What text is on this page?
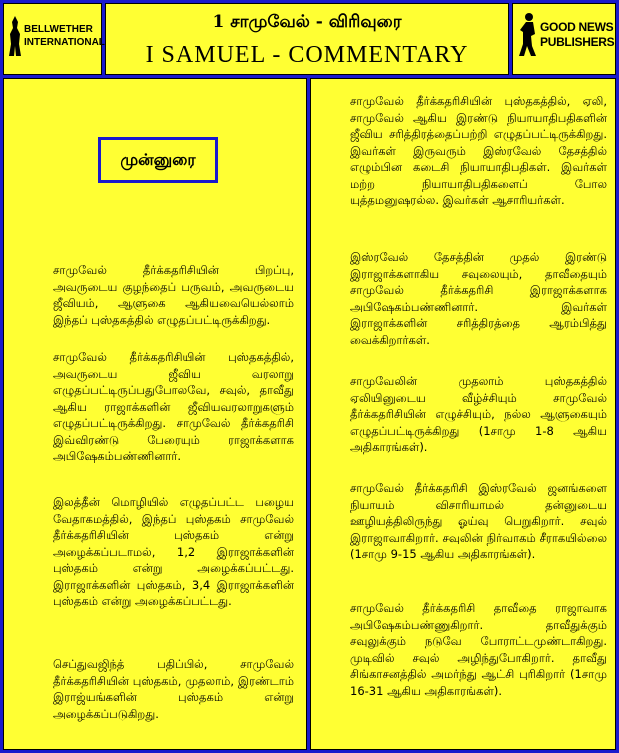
BELLWETHER
INTERNATIONAL
1 சாமுவேல் - விரிவுரை
I SAMUEL - COMMENTARY
GOOD NEWS
PUBLISHERS
முன்னுரை
சாமுவேல் தீர்க்கதரிசியின் பிறப்பு, அவருடைய குழந்தைப் பருவம், அவருடைய ஜீவியம், ஆளுகை ஆகியவையெல்லாம் இந்தப் புஸ்தகத்தில் எழுதப்பட்டிருக்கிறது.
சாமுவேல் தீர்க்கதரிசியின் புஸ்தகத்தில், அவருடைய ஜீவிய வரலாறு எழுதப்பட்டிருப்பதுபோலவே, சவுல், தாவீது ஆகிய ராஜாக்களின் ஜீவியவரலாறுகளும் எழுதப்பட்டிருக்கிறது. சாமுவேல் தீர்க்கதரிசி இவ்விரண்டு பேரையும் ராஜாக்களாக அபிஷேகம்பண்ணினார்.
இலத்தீன் மொழியில் எழுதப்பட்ட பழைய வேதாகமத்தில், இந்தப் புஸ்தகம் சாமுவேல் தீர்க்கதரிசியின் புஸ்தகம் என்று அழைக்கப்படாமல், 1,2 இராஜாக்களின் புஸ்தகம் என்று அழைக்கப்பட்டது. இராஜாக்களின் புஸ்தகம், 3,4 இராஜாக்களின் புஸ்தகம் என்று அழைக்கப்பட்டது.
செப்துவஜிந்த் பதிப்பில், சாமுவேல் தீர்க்கதரிசியின் புஸ்தகம், முதலாம், இரண்டாம் இராஜ்யங்களின் புஸ்தகம் என்று அழைக்கப்படுகிறது.
சாமுவேல் தீர்க்கதரிசியின் புஸ்தகத்தில், ஏலி, சாமுவேல் ஆகிய இரண்டு நியாயாதிபதிகளின் ஜீவிய சரித்திரத்தைப்பற்றி எழுதப்பட்டிருக்கிறது. இவர்கள் இருவரும் இஸ்ரவேல் தேசத்தில் எழும்பின கடைசி நியாயாதிபதிகள். இவர்கள் மற்ற நியாயாதிபதிகளைப் போல யுத்தமனுஷரல்ல. இவர்கள் ஆசாரியர்கள்.
இஸ்ரவேல் தேசத்தின் முதல் இரண்டு இராஜாக்களாகிய சவுலையும், தாவீதையும் சாமுவேல் தீர்க்கதரிசி இராஜாக்களாக அபிஷேகம்பண்ணினார். இவர்கள் இராஜாக்களின் சரித்திரத்தை ஆரம்பித்து வைக்கிறார்கள்.
சாமுவேலின் முதலாம் புஸ்தகத்தில் ஏலியினுடைய வீழ்ச்சியும் சாமுவேல் தீர்க்கதரிசியின் எழுச்சியும், நல்ல ஆளுகையும் எழுதப்பட்டிருக்கிறது (1சாமு 1-8 ஆகிய அதிகாரங்கள்).
சாமுவேல் தீர்க்கதரிசி இஸ்ரவேல் ஜனங்களை நியாயம் விசாரியாமல் தன்னுடைய ஊழியத்திலிருந்து ஓய்வு பெறுகிறார். சவுல் இராஜாவாகிறார். சவுலின் நிர்வாகம் சீராகயில்லை (1சாமு 9-15 ஆகிய அதிகாரங்கள்).
சாமுவேல் தீர்க்கதரிசி தாவீதை ராஜாவாக அபிஷேகம்பண்ணுகிறார். தாவீதுக்கும் சவுலுக்கும் நடுவே போராட்டமுண்டாகிறது. முடிவில் சவுல் அழிந்துபோகிறார். தாவீது சிங்காசனத்தில் அமர்ந்து ஆட்சி புரிகிறார் (1சாமு 16-31 ஆகிய அதிகாரங்கள்).
